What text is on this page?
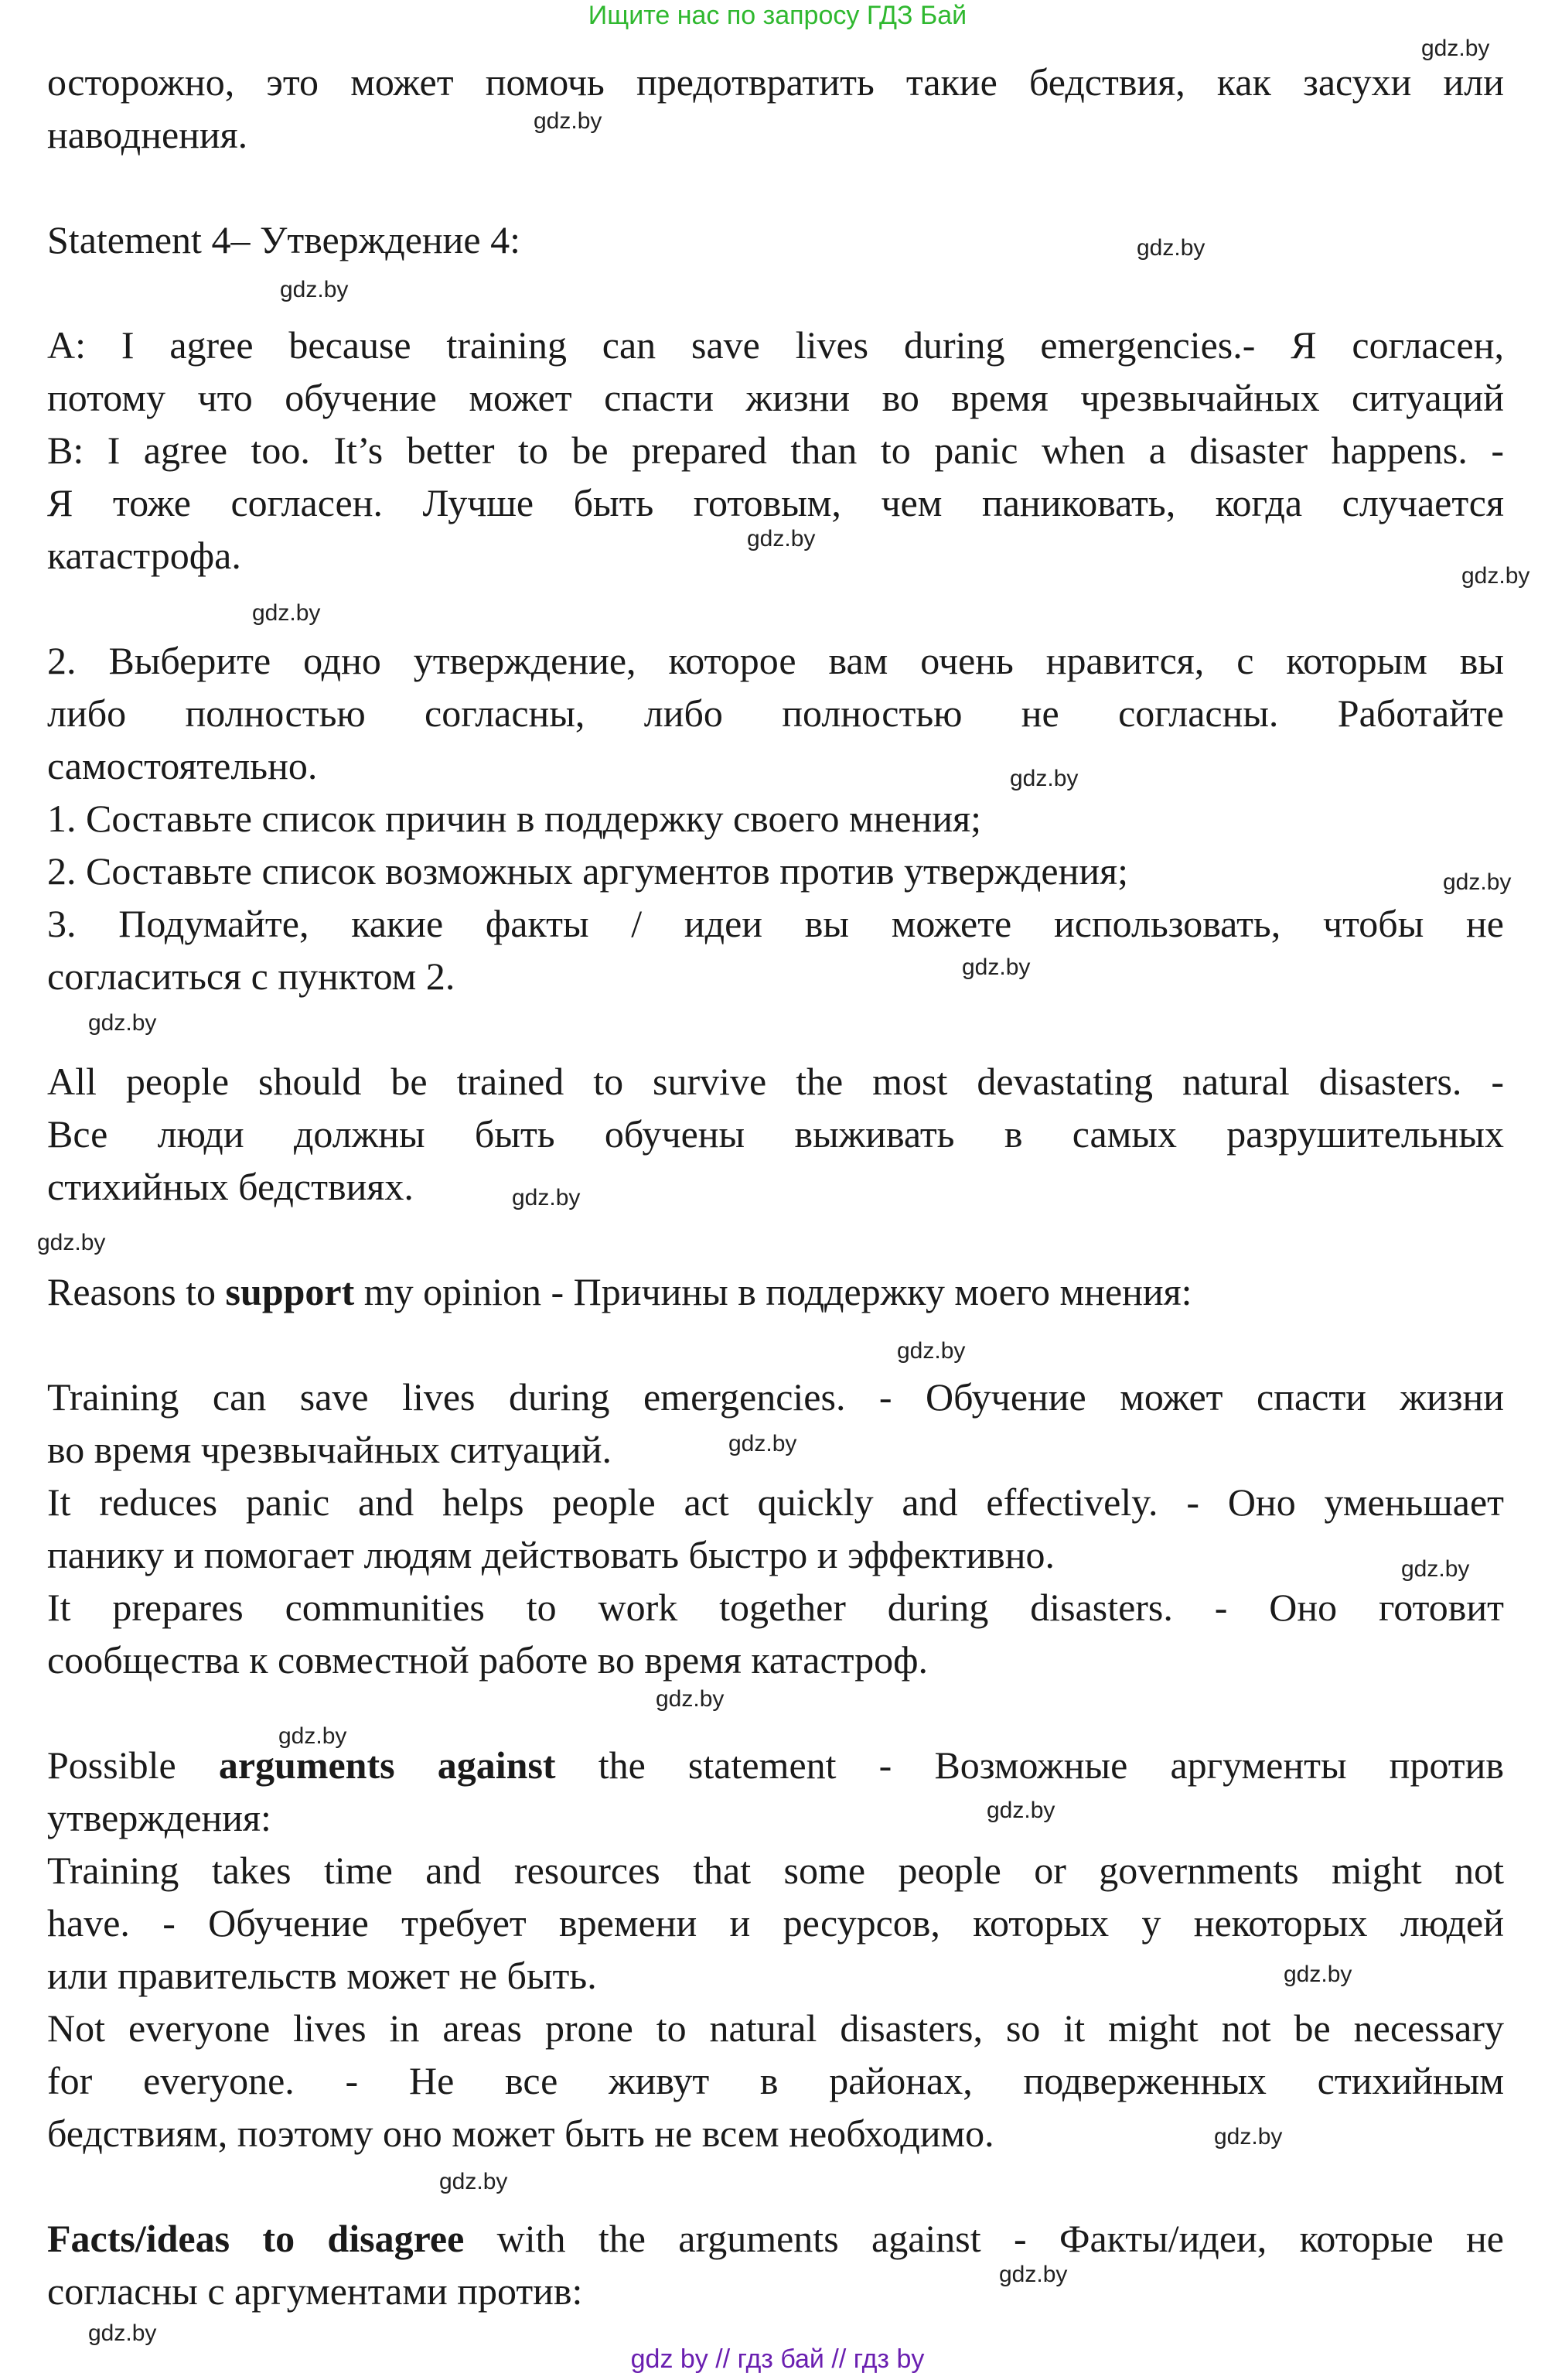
Ищите нас по запросу ГДЗ Бай
осторожно, это может помочь предотвратить такие бедствия, как засухи или
наводнения.
Statement 4– Утверждение 4:
A: I agree because training can save lives during emergencies.- Я согласен,
потому что обучение может спасти жизни во время чрезвычайных ситуаций
B: I agree too. It’s better to be prepared than to panic when a disaster happens. -
Я тоже согласен. Лучше быть готовым, чем паниковать, когда случается
катастрофа.
2. Выберите одно утверждение, которое вам очень нравится, с которым вы
либо полностью согласны, либо полностью не согласны. Работайте
самостоятельно.
1. Составьте список причин в поддержку своего мнения;
2. Составьте список возможных аргументов против утверждения;
3. Подумайте, какие факты / идеи вы можете использовать, чтобы не
согласиться с пунктом 2.
All people should be trained to survive the most devastating natural disasters. -
Все люди должны быть обучены выживать в самых разрушительных
стихийных бедствиях.
Reasons to support my opinion - Причины в поддержку моего мнения:
Training can save lives during emergencies. - Обучение может спасти жизни
во время чрезвычайных ситуаций.
It reduces panic and helps people act quickly and effectively. - Оно уменьшает
панику и помогает людям действовать быстро и эффективно.
It prepares communities to work together during disasters. - Оно готовит
сообщества к совместной работе во время катастроф.
Possible arguments against the statement - Возможные аргументы против
утверждения:
Training takes time and resources that some people or governments might not
have. - Обучение требует времени и ресурсов, которых у некоторых людей
или правительств может не быть.
Not everyone lives in areas prone to natural disasters, so it might not be necessary
for everyone. - Не все живут в районах, подверженных стихийным
бедствиям, поэтому оно может быть не всем необходимо.
Facts/ideas to disagree with the arguments against - Факты/идеи, которые не
согласны с аргументами против:
gdz.by
gdz.by
gdz.by
gdz.by
gdz.by
gdz.by
gdz.by
gdz.by
gdz.by
gdz.by
gdz.by
gdz.by
gdz.by
gdz.by
gdz.by
gdz.by
gdz.by
gdz.by
gdz.by
gdz.by
gdz.by
gdz.by
gdz.by
gdz.by
gdz by // гдз бай // гдз by
